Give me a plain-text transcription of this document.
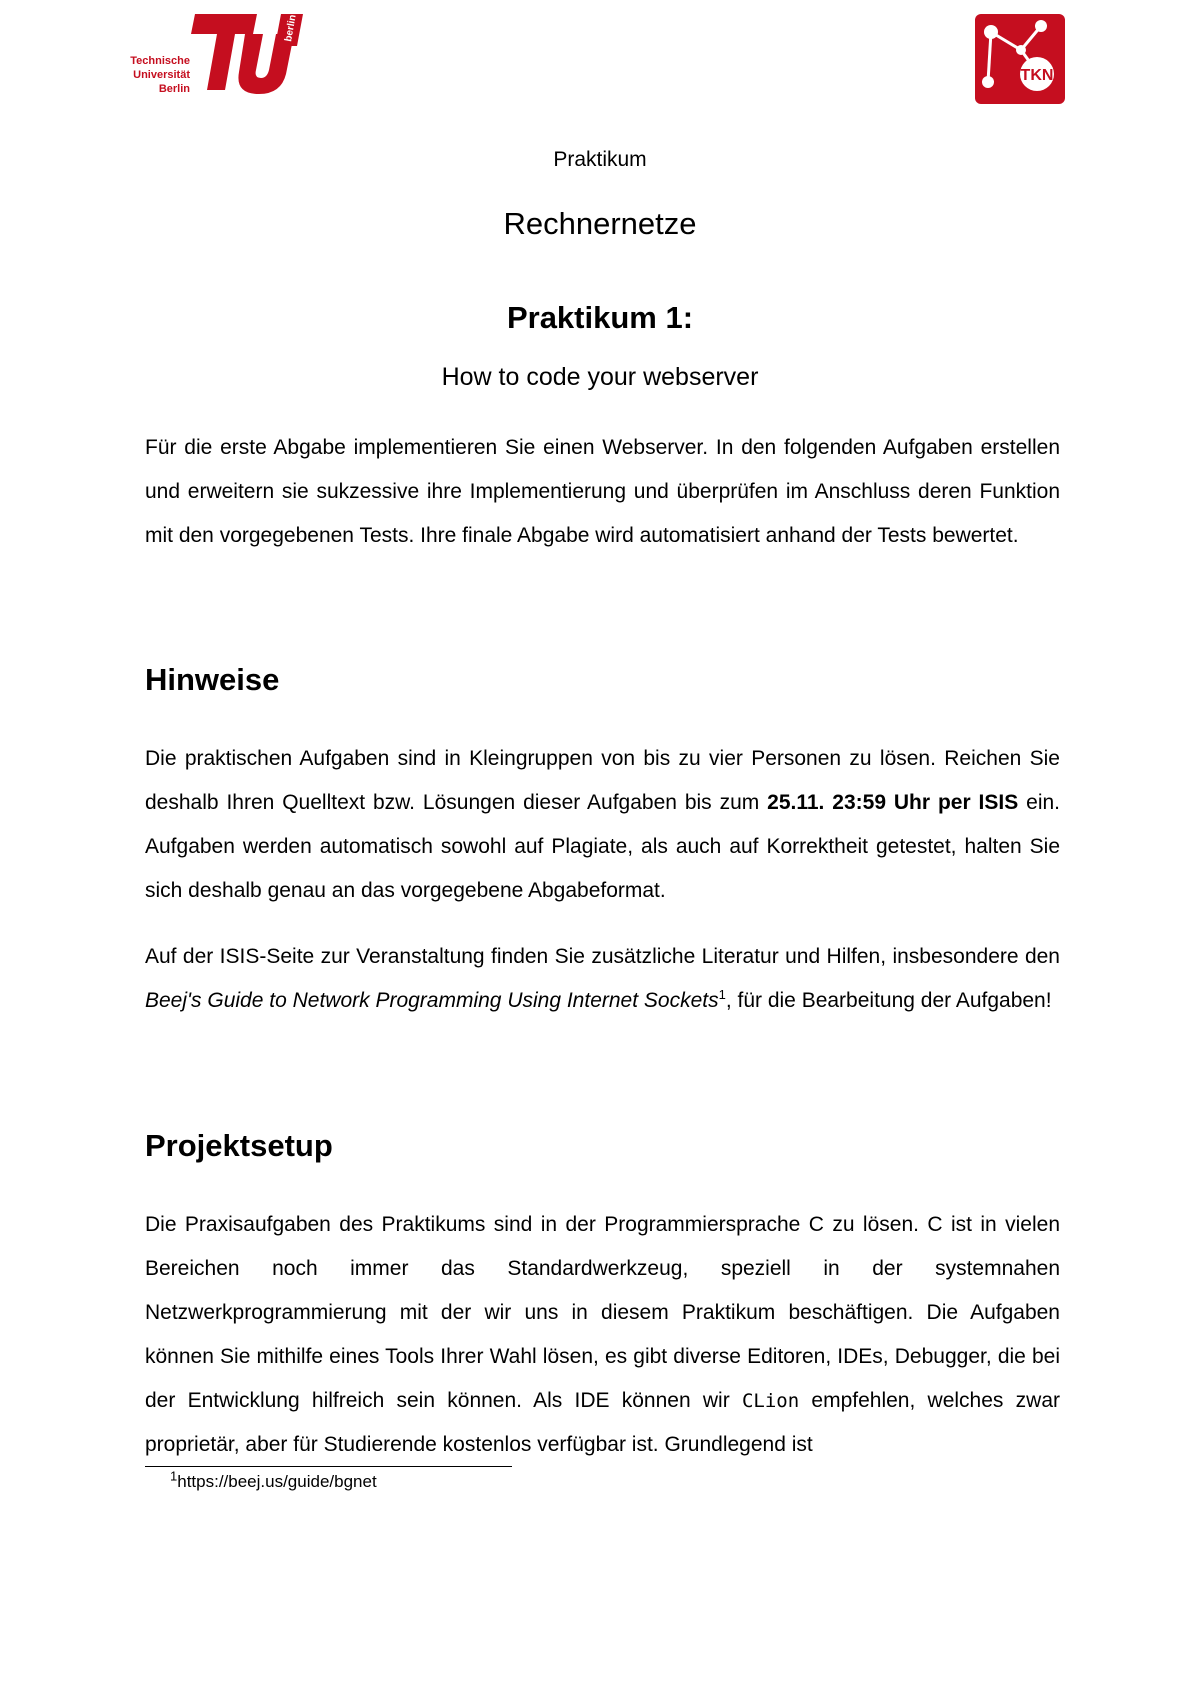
berlin
Technische
Universität
Berlin
TKN
Praktikum
Rechnernetze
Praktikum 1:
How to code your webserver

Für die erste Abgabe implementieren Sie einen Webserver. In den folgenden Aufgaben erstellen und erweitern sie sukzessive ihre Implementierung und überprüfen im Anschluss deren Funktion mit den vorgegebenen Tests. Ihre finale Abgabe wird automatisiert anhand der Tests bewertet.

Hinweise

Die praktischen Aufgaben sind in Kleingruppen von bis zu vier Personen zu lösen. Reichen Sie deshalb Ihren Quelltext bzw. Lösungen dieser Aufgaben bis zum 25.11. 23:59 Uhr per ISIS ein. Aufgaben werden automatisch sowohl auf Plagiate, als auch auf Korrektheit getestet, halten Sie sich deshalb genau an das vorgegebene Abgabeformat.

Auf der ISIS-Seite zur Veranstaltung finden Sie zusätzliche Literatur und Hilfen, insbesondere den Beej's Guide to Network Programming Using Internet Sockets$^1$, für die Bearbeitung der Aufgaben!

Projektsetup

Die Praxisaufgaben des Praktikums sind in der Programmiersprache C zu lösen. C ist in vielen Bereichen noch immer das Standardwerkzeug, speziell in der systemnahen Netzwerkprogrammierung mit der wir uns in diesem Praktikum beschäftigen. Die Aufgaben können Sie mithilfe eines Tools Ihrer Wahl lösen, es gibt diverse Editoren, IDEs, Debugger, die bei der Entwicklung hilfreich sein können. Als IDE können wir CLion empfehlen, welches zwar proprietär, aber für Studierende kostenlos verfügbar ist. Grundlegend ist

$^1$https://beej.us/guide/bgnet
